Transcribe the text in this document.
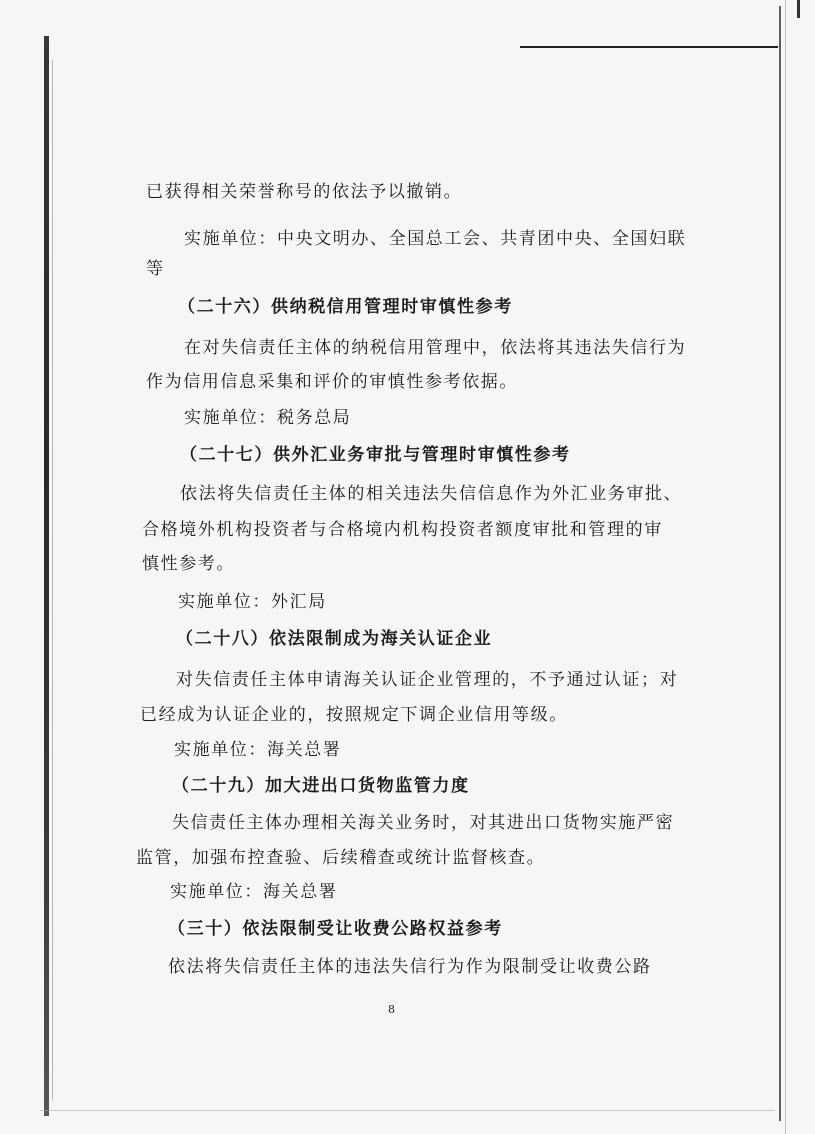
已获得相关荣誉称号的依法予以撤销。
实施单位：中央文明办、全国总工会、共青团中央、全国妇联
等
（二十六）供纳税信用管理时审慎性参考
在对失信责任主体的纳税信用管理中，依法将其违法失信行为
作为信用信息采集和评价的审慎性参考依据。
实施单位：税务总局
（二十七）供外汇业务审批与管理时审慎性参考
依法将失信责任主体的相关违法失信信息作为外汇业务审批、
合格境外机构投资者与合格境内机构投资者额度审批和管理的审
慎性参考。
实施单位：外汇局
（二十八）依法限制成为海关认证企业
对失信责任主体申请海关认证企业管理的，不予通过认证；对
已经成为认证企业的，按照规定下调企业信用等级。
实施单位：海关总署
（二十九）加大进出口货物监管力度
失信责任主体办理相关海关业务时，对其进出口货物实施严密
监管，加强布控查验、后续稽查或统计监督核查。
实施单位：海关总署
（三十）依法限制受让收费公路权益参考
依法将失信责任主体的违法失信行为作为限制受让收费公路
8
